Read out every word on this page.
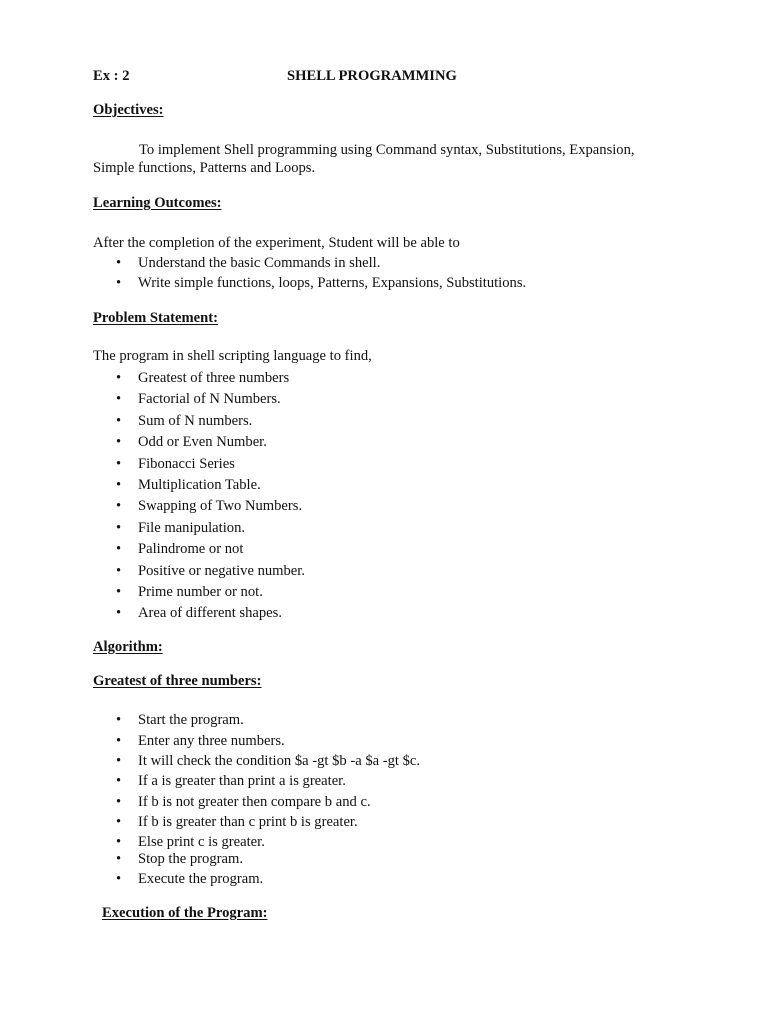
Ex : 2	SHELL PROGRAMMING
Objectives:
To implement Shell programming using Command syntax, Substitutions, Expansion,
Simple functions, Patterns and Loops.
Learning Outcomes:
After the completion of the experiment, Student will be able to
• Understand the basic Commands in shell.
• Write simple functions, loops, Patterns, Expansions, Substitutions.
Problem Statement:
The program in shell scripting language to find,
• Greatest of three numbers
• Factorial of N Numbers.
• Sum of N numbers.
• Odd or Even Number.
• Fibonacci Series
• Multiplication Table.
• Swapping of Two Numbers.
• File manipulation.
• Palindrome or not
• Positive or negative number.
• Prime number or not.
• Area of different shapes.
Algorithm:
Greatest of three numbers:
• Start the program.
• Enter any three numbers.
• It will check the condition $a -gt $b -a $a -gt $c.
• If a is greater than print a is greater.
• If b is not greater then compare b and c.
• If b is greater than c print b is greater.
• Else print c is greater.
• Stop the program.
• Execute the program.
Execution of the Program:
